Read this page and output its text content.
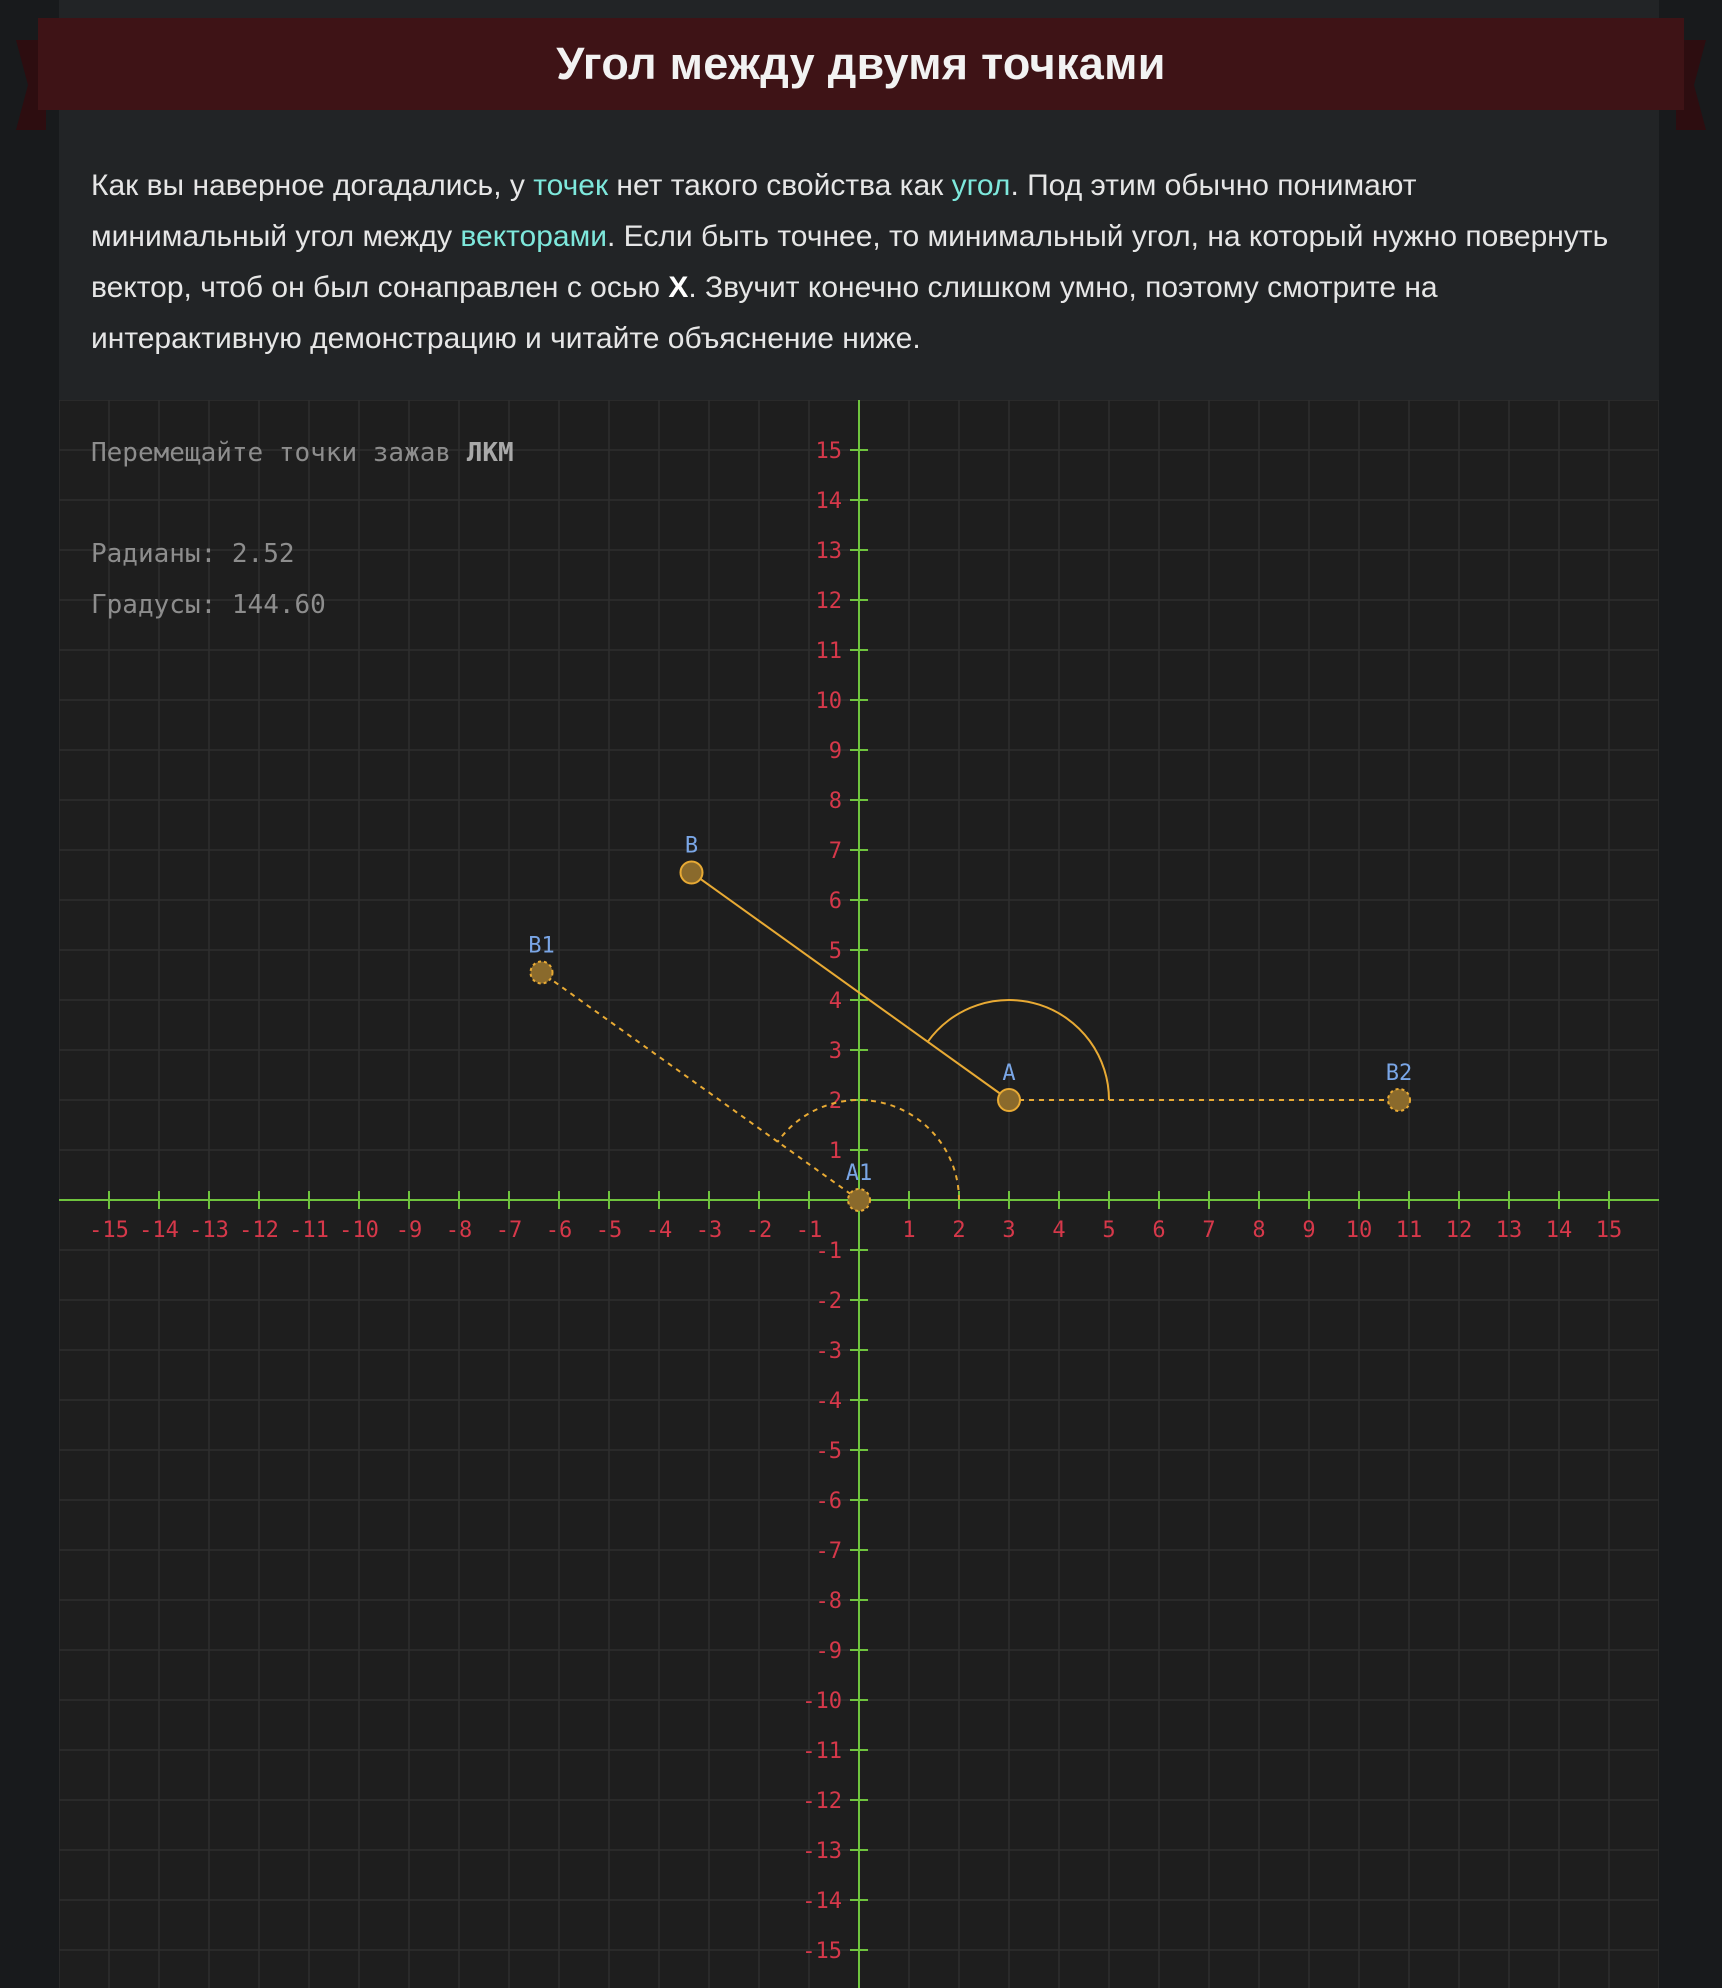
Угол между двумя точками

Как вы наверное догадались, у точек нет такого свойства как угол. Под этим обычно понимают минимальный угол между векторами. Если быть точнее, то минимальный угол, на который нужно повернуть вектор, чтоб он был сонаправлен с осью X. Звучит конечно слишком умно, поэтому смотрите на интерактивную демонстрацию и читайте объяснение ниже.

-15 -14 -13 -12 -11 -10 -9 -8 -7 -6 -5 -4 -3 -2 -1	1 2 3 4 5 6 7 8 9 10 11 12 13 14 15
-15
-14
-13
-12
-11
-10
-9
-8
-7
-6
-5
-4
-3
-2
-1
1
2
3
4
5
6
7
8
9
10
11
12
13
14
15
A
B
A1
B1
B2
Перемещайте точки зажав ЛКМ
Радианы: 2.52
Градусы: 144.60
